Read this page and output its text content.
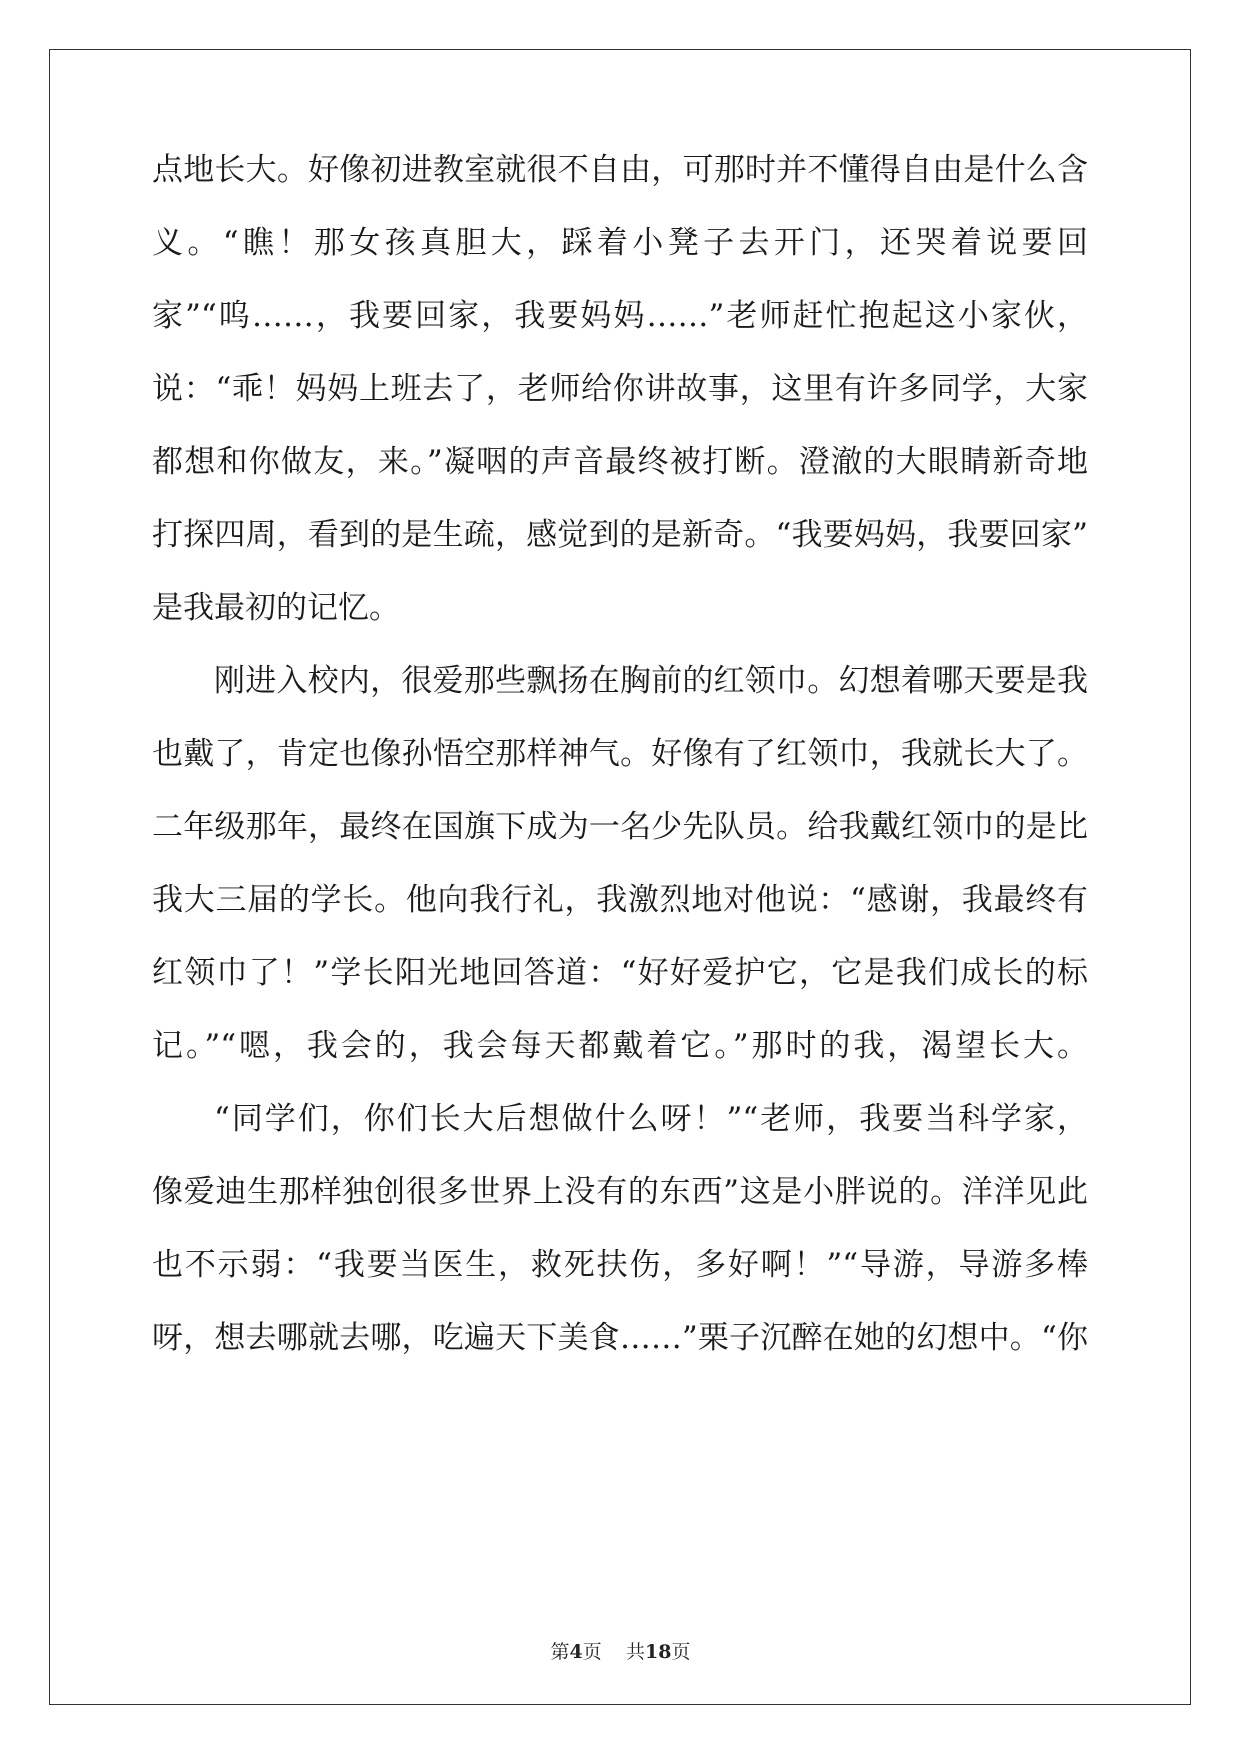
点地长大。好像初进教室就很不自由，可那时并不懂得自由是什么含
义。“瞧！那女孩真胆大，踩着小凳子去开门，还哭着说要回
家”“呜……，我要回家，我要妈妈……”老师赶忙抱起这小家伙，
说：“乖！妈妈上班去了，老师给你讲故事，这里有许多同学，大家
都想和你做友，来。”凝咽的声音最终被打断。澄澈的大眼睛新奇地
打探四周，看到的是生疏，感觉到的是新奇。“我要妈妈，我要回家”
是我最初的记忆。
刚进入校内，很爱那些飘扬在胸前的红领巾。幻想着哪天要是我
也戴了，肯定也像孙悟空那样神气。好像有了红领巾，我就长大了。
二年级那年，最终在国旗下成为一名少先队员。给我戴红领巾的是比
我大三届的学长。他向我行礼，我激烈地对他说：“感谢，我最终有
红领巾了！”学长阳光地回答道：“好好爱护它，它是我们成长的标
记。”“嗯，我会的，我会每天都戴着它。”那时的我，渴望长大。
“同学们，你们长大后想做什么呀！”“老师，我要当科学家，
像爱迪生那样独创很多世界上没有的东西”这是小胖说的。洋洋见此
也不示弱：“我要当医生，救死扶伤，多好啊！”“导游，导游多棒
呀，想去哪就去哪，吃遍天下美食……”栗子沉醉在她的幻想中。“你
第4页 共18页
